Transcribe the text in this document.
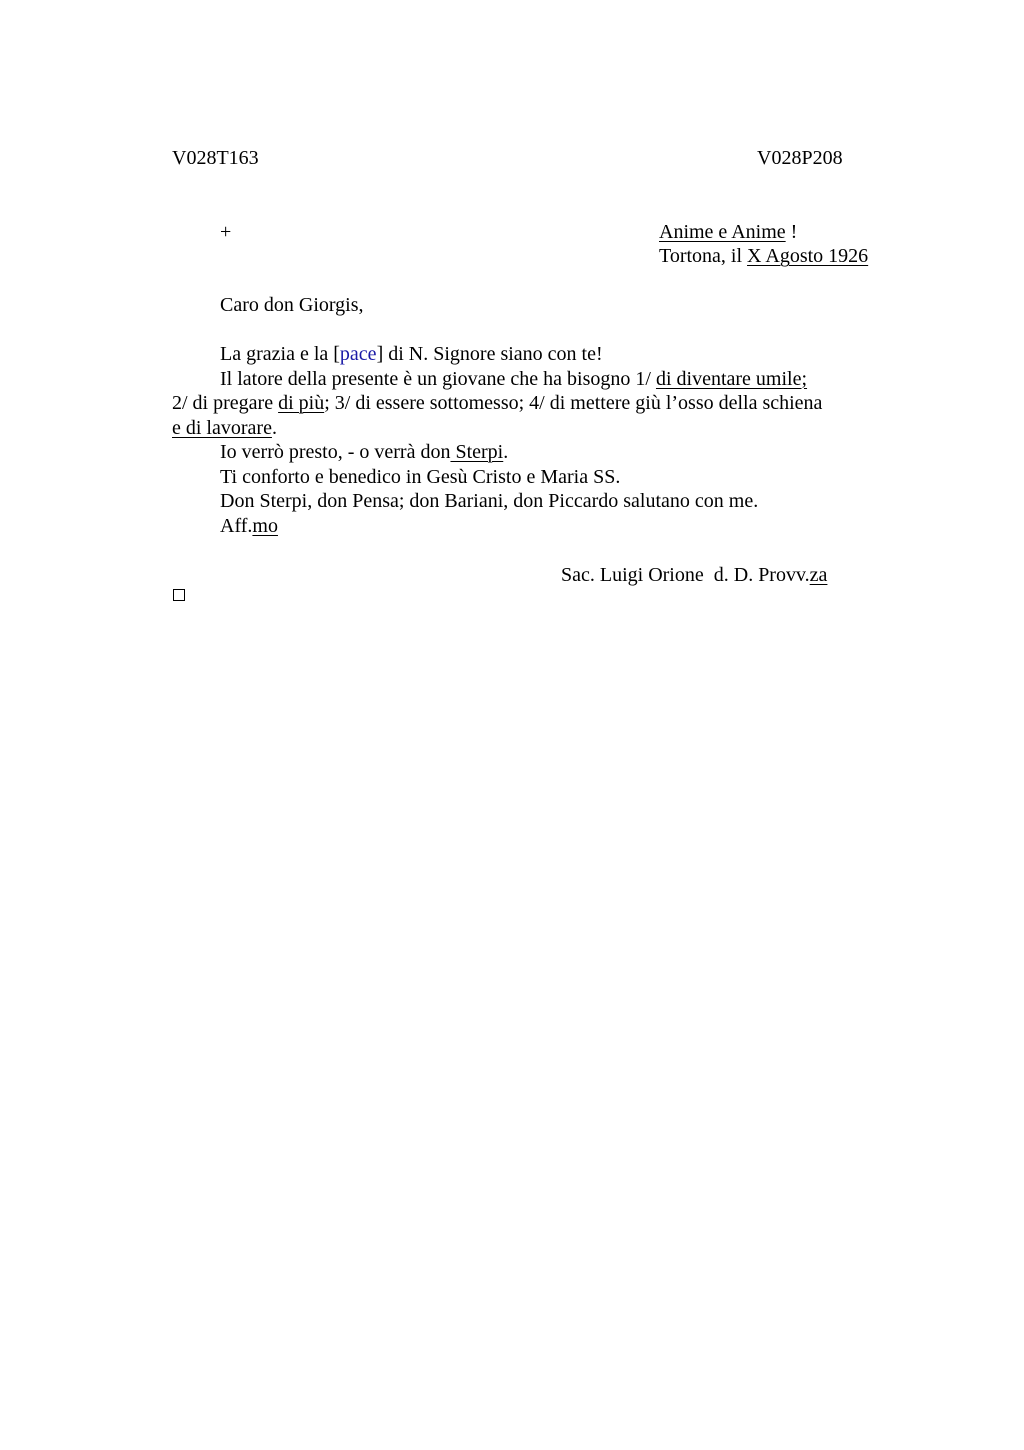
V028T163	V028P208
+	Anime e Anime !
Tortona, il X Agosto 1926
Caro don Giorgis,
La grazia e la [pace] di N. Signore siano con te!
Il latore della presente è un giovane che ha bisogno 1/ di diventare umile;
2/ di pregare di più; 3/ di essere sottomesso; 4/ di mettere giù l’osso della schiena
e di lavorare.
Io verrò presto, - o verrà don Sterpi.
Ti conforto e benedico in Gesù Cristo e Maria SS.
Don Sterpi, don Pensa; don Bariani, don Piccardo salutano con me.
Aff.mo
Sac. Luigi Orione  d. D. Provv.za
